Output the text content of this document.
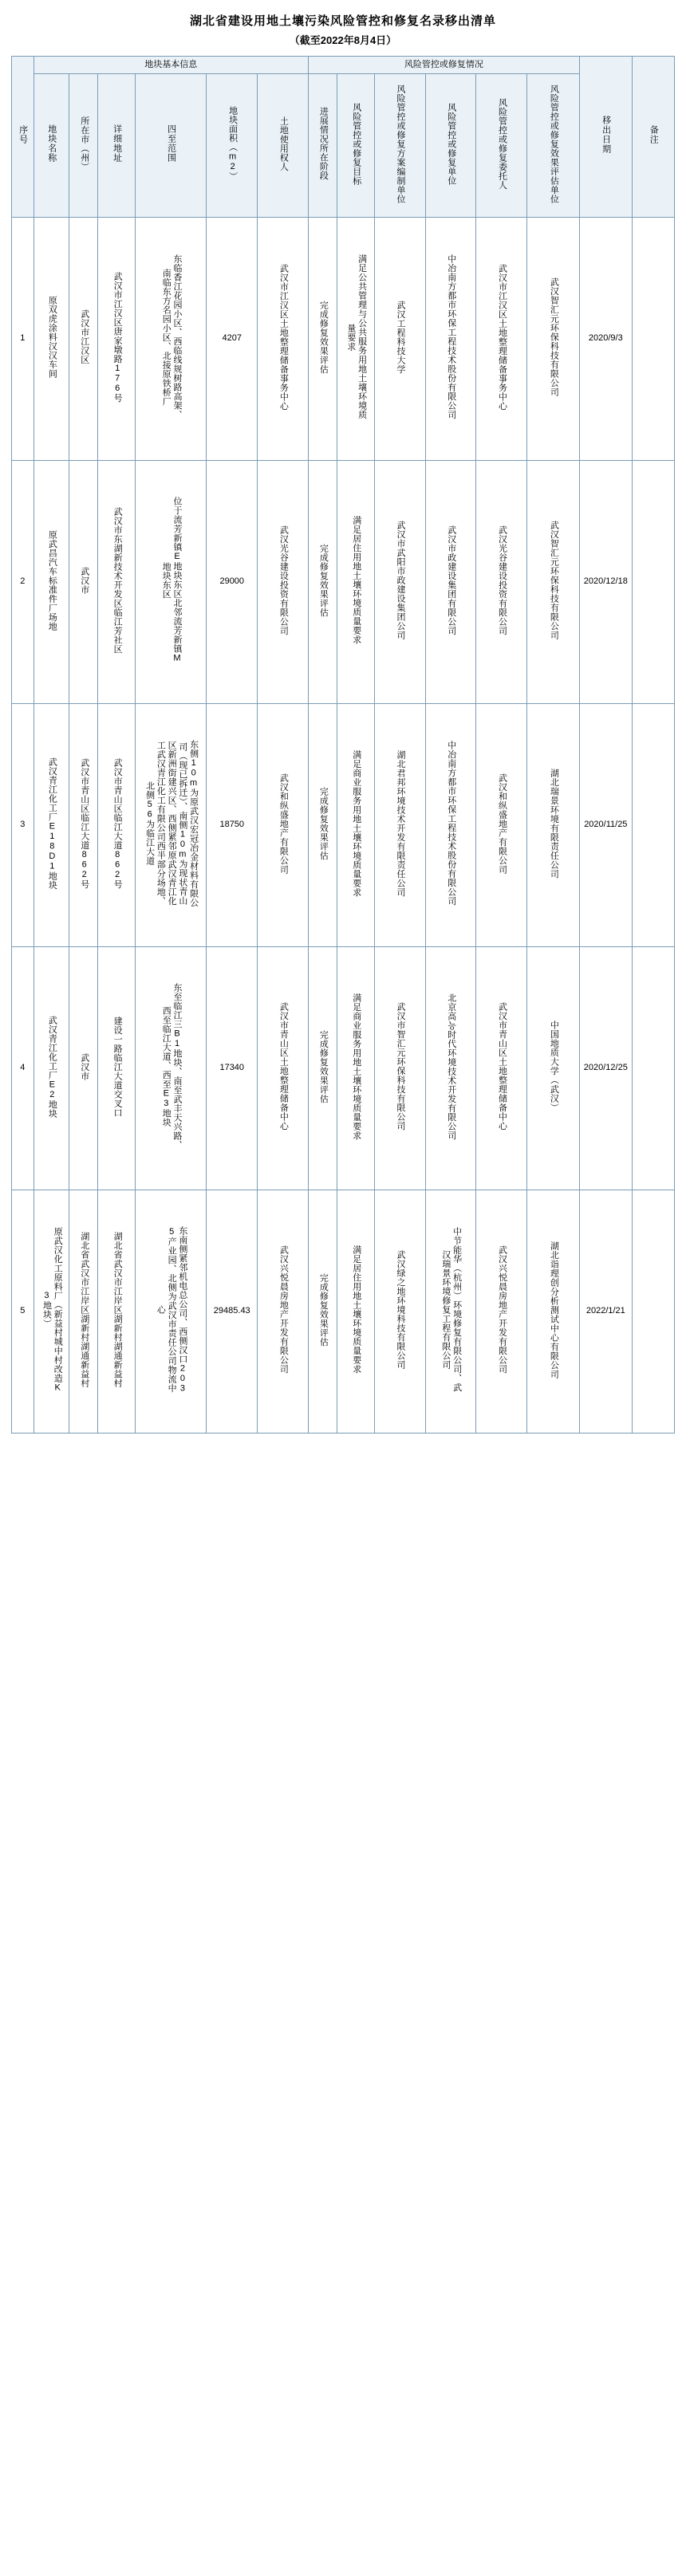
湖北省建设用地土壤污染风险管控和修复名录移出清单
（截至2022年8月4日）
序号	地块基本信息						风险管控或修复情况						移出日期	备注
	地块名称	所在市（州）	详细地址	四至范围	地块面积（m2）	土地使用权人	进展情况所在阶段	风险管控或修复目标	风险管控或修复方案编制单位	风险管控或修复单位	风险管控或修复委托人	风险管控或修复效果评估单位		
1	原双虎涂料汉汉车间	武汉市江汉区	武汉市江汉区唐家墩路176号	东临香江花园小区、西临线规树路高架、南临东方名园小区、北接原铁桥厂	4207	武汉市江汉区土地整理储备事务中心	完成修复效果评估	满足公共管理与公共服务用地土壤环境质量要求	武汉工程科技大学	中冶南方都市环保工程技术股份有限公司	武汉市江汉区土地整理储备事务中心	武汉智汇元环保科技有限公司	2020/9/3	
2	原武昌汽车标准件厂场地	武汉市	武汉市东湖新技术开发区临江芳社区	位于流芳新镇E地块东区北邻流芳新镇M地块东区	29000	武汉光谷建设投资有限公司	完成修复效果评估	满足居住用地土壤环境质量要求	武汉市武阳市政建设集团公司	武汉市政建设集团有限公司	武汉光谷建设投资有限公司	武汉智汇元环保科技有限公司	2020/12/18	
3	武汉青江化工厂E18D1地块	武汉市青山区临江大道862号	武汉市青山区临江大道862号	东侧10m为原武汉宏冠冶金材料有限公司（现已拆迁）、南侧10m为现状青山区新洲街建兴区、西侧紧邻原武汉青江化工武汉青江化工有限公司西半部分场地、北侧56为临江大道	18750	武汉和纵盛地产有限公司	完成修复效果评估	满足商业服务用地土壤环境质量要求	湖北君邦环境技术开发有限责任公司	中冶南方都市环保工程技术股份有限公司	武汉和纵盛地产有限公司	湖北瑞景环境有限责任公司	2020/11/25	
4	武汉青江化工厂E2地块	武汉市	建设一路临江大道交叉口	东至临江三B1地块、南至武丰天兴路、西至临江大道、西至E3地块	17340	武汉市青山区土地整理储备中心	完成修复效果评估	满足商业服务用地土壤环境质量要求	武汉市智汇元环保科技有限公司	北京高능时代环境技术开发有限公司	武汉市青山区土地整理储备中心	中国地质大学（武汉）	2020/12/25	
5	原武汉化工原料厂（新益村城中村改造K3地块）	湖北省武汉市江岸区湖新村湖通新益村	湖北省武汉市江岸区湖新村湖通新益村	东南侧紧邻机电总公司、西侧汉口2035产业园、北侧为武汉市责任公司物流中心	29485.43	武汉兴悦晨房地产开发有限公司	完成修复效果评估	满足居住用地土壤环境质量要求	武汉绿之地环境科技有限公司	中节能华（杭州）环境修复有限公司、武汉瑞景环境修复工程有限公司	武汉兴悦晨房地产开发有限公司	湖北诣理创分析测试中心有限公司	2022/1/21	
